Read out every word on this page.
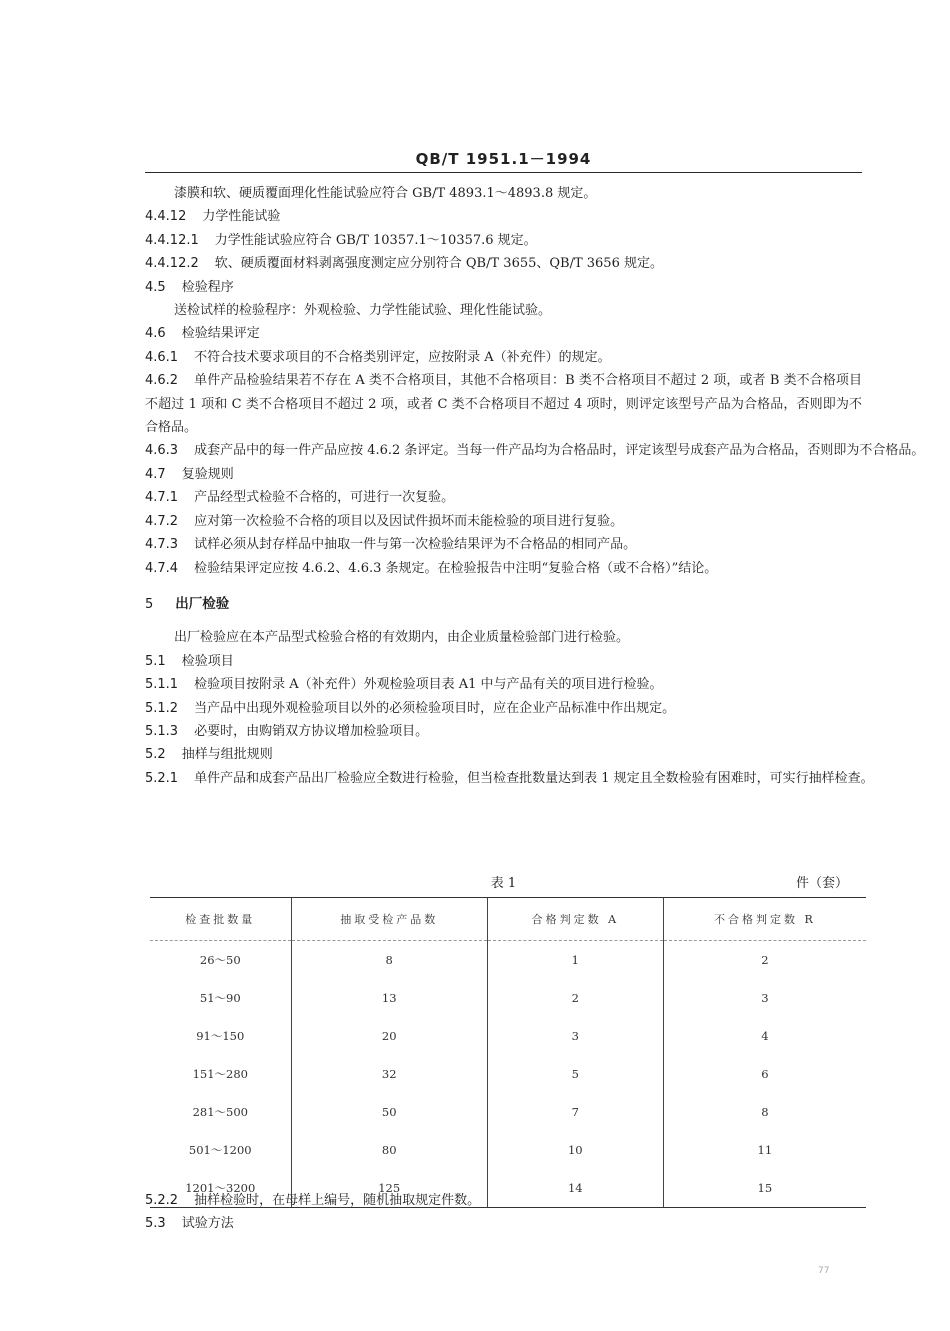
QB/T 1951.1－1994

漆膜和软、硬质覆面理化性能试验应符合 GB/T 4893.1～4893.8 规定。

4.4.12 力学性能试验

4.4.12.1 力学性能试验应符合 GB/T 10357.1～10357.6 规定。

4.4.12.2 软、硬质覆面材料剥离强度测定应分别符合 QB/T 3655、QB/T 3656 规定。

4.5 检验程序

送检试样的检验程序：外观检验、力学性能试验、理化性能试验。

4.6 检验结果评定

4.6.1 不符合技术要求项目的不合格类别评定，应按附录 A（补充件）的规定。

4.6.2 单件产品检验结果若不存在 A 类不合格项目，其他不合格项目：B 类不合格项目不超过 2 项，或者 B 类不合格项目不超过 1 项和 C 类不合格项目不超过 2 项，或者 C 类不合格项目不超过 4 项时，则评定该型号产品为合格品，否则即为不合格品。

4.6.3 成套产品中的每一件产品应按 4.6.2 条评定。当每一件产品均为合格品时，评定该型号成套产品为合格品，否则即为不合格品。

4.7 复验规则

4.7.1 产品经型式检验不合格的，可进行一次复验。

4.7.2 应对第一次检验不合格的项目以及因试件损坏而未能检验的项目进行复验。

4.7.3 试样必须从封存样品中抽取一件与第一次检验结果评为不合格品的相同产品。

4.7.4 检验结果评定应按 4.6.2、4.6.3 条规定。在检验报告中注明“复验合格（或不合格）”结论。

5 出厂检验

出厂检验应在本产品型式检验合格的有效期内，由企业质量检验部门进行检验。

5.1 检验项目

5.1.1 检验项目按附录 A（补充件）外观检验项目表 A1 中与产品有关的项目进行检验。

5.1.2 当产品中出现外观检验项目以外的必须检验项目时，应在企业产品标准中作出规定。

5.1.3 必要时，由购销双方协议增加检验项目。

5.2 抽样与组批规则

5.2.1 单件产品和成套产品出厂检验应全数进行检验，但当检查批数量达到表 1 规定且全数检验有困难时，可实行抽样检查。

表 1	件（套）
检查批数量	抽取受检产品数	合格判定数 A	不合格判定数 R
26～50	8	1	2
51～90	13	2	3
91～150	20	3	4
151～280	32	5	6
281～500	50	7	8
501～1200	80	10	11
1201～3200	125	14	15

5.2.2 抽样检验时，在母样上编号，随机抽取规定件数。

5.3 试验方法

77
